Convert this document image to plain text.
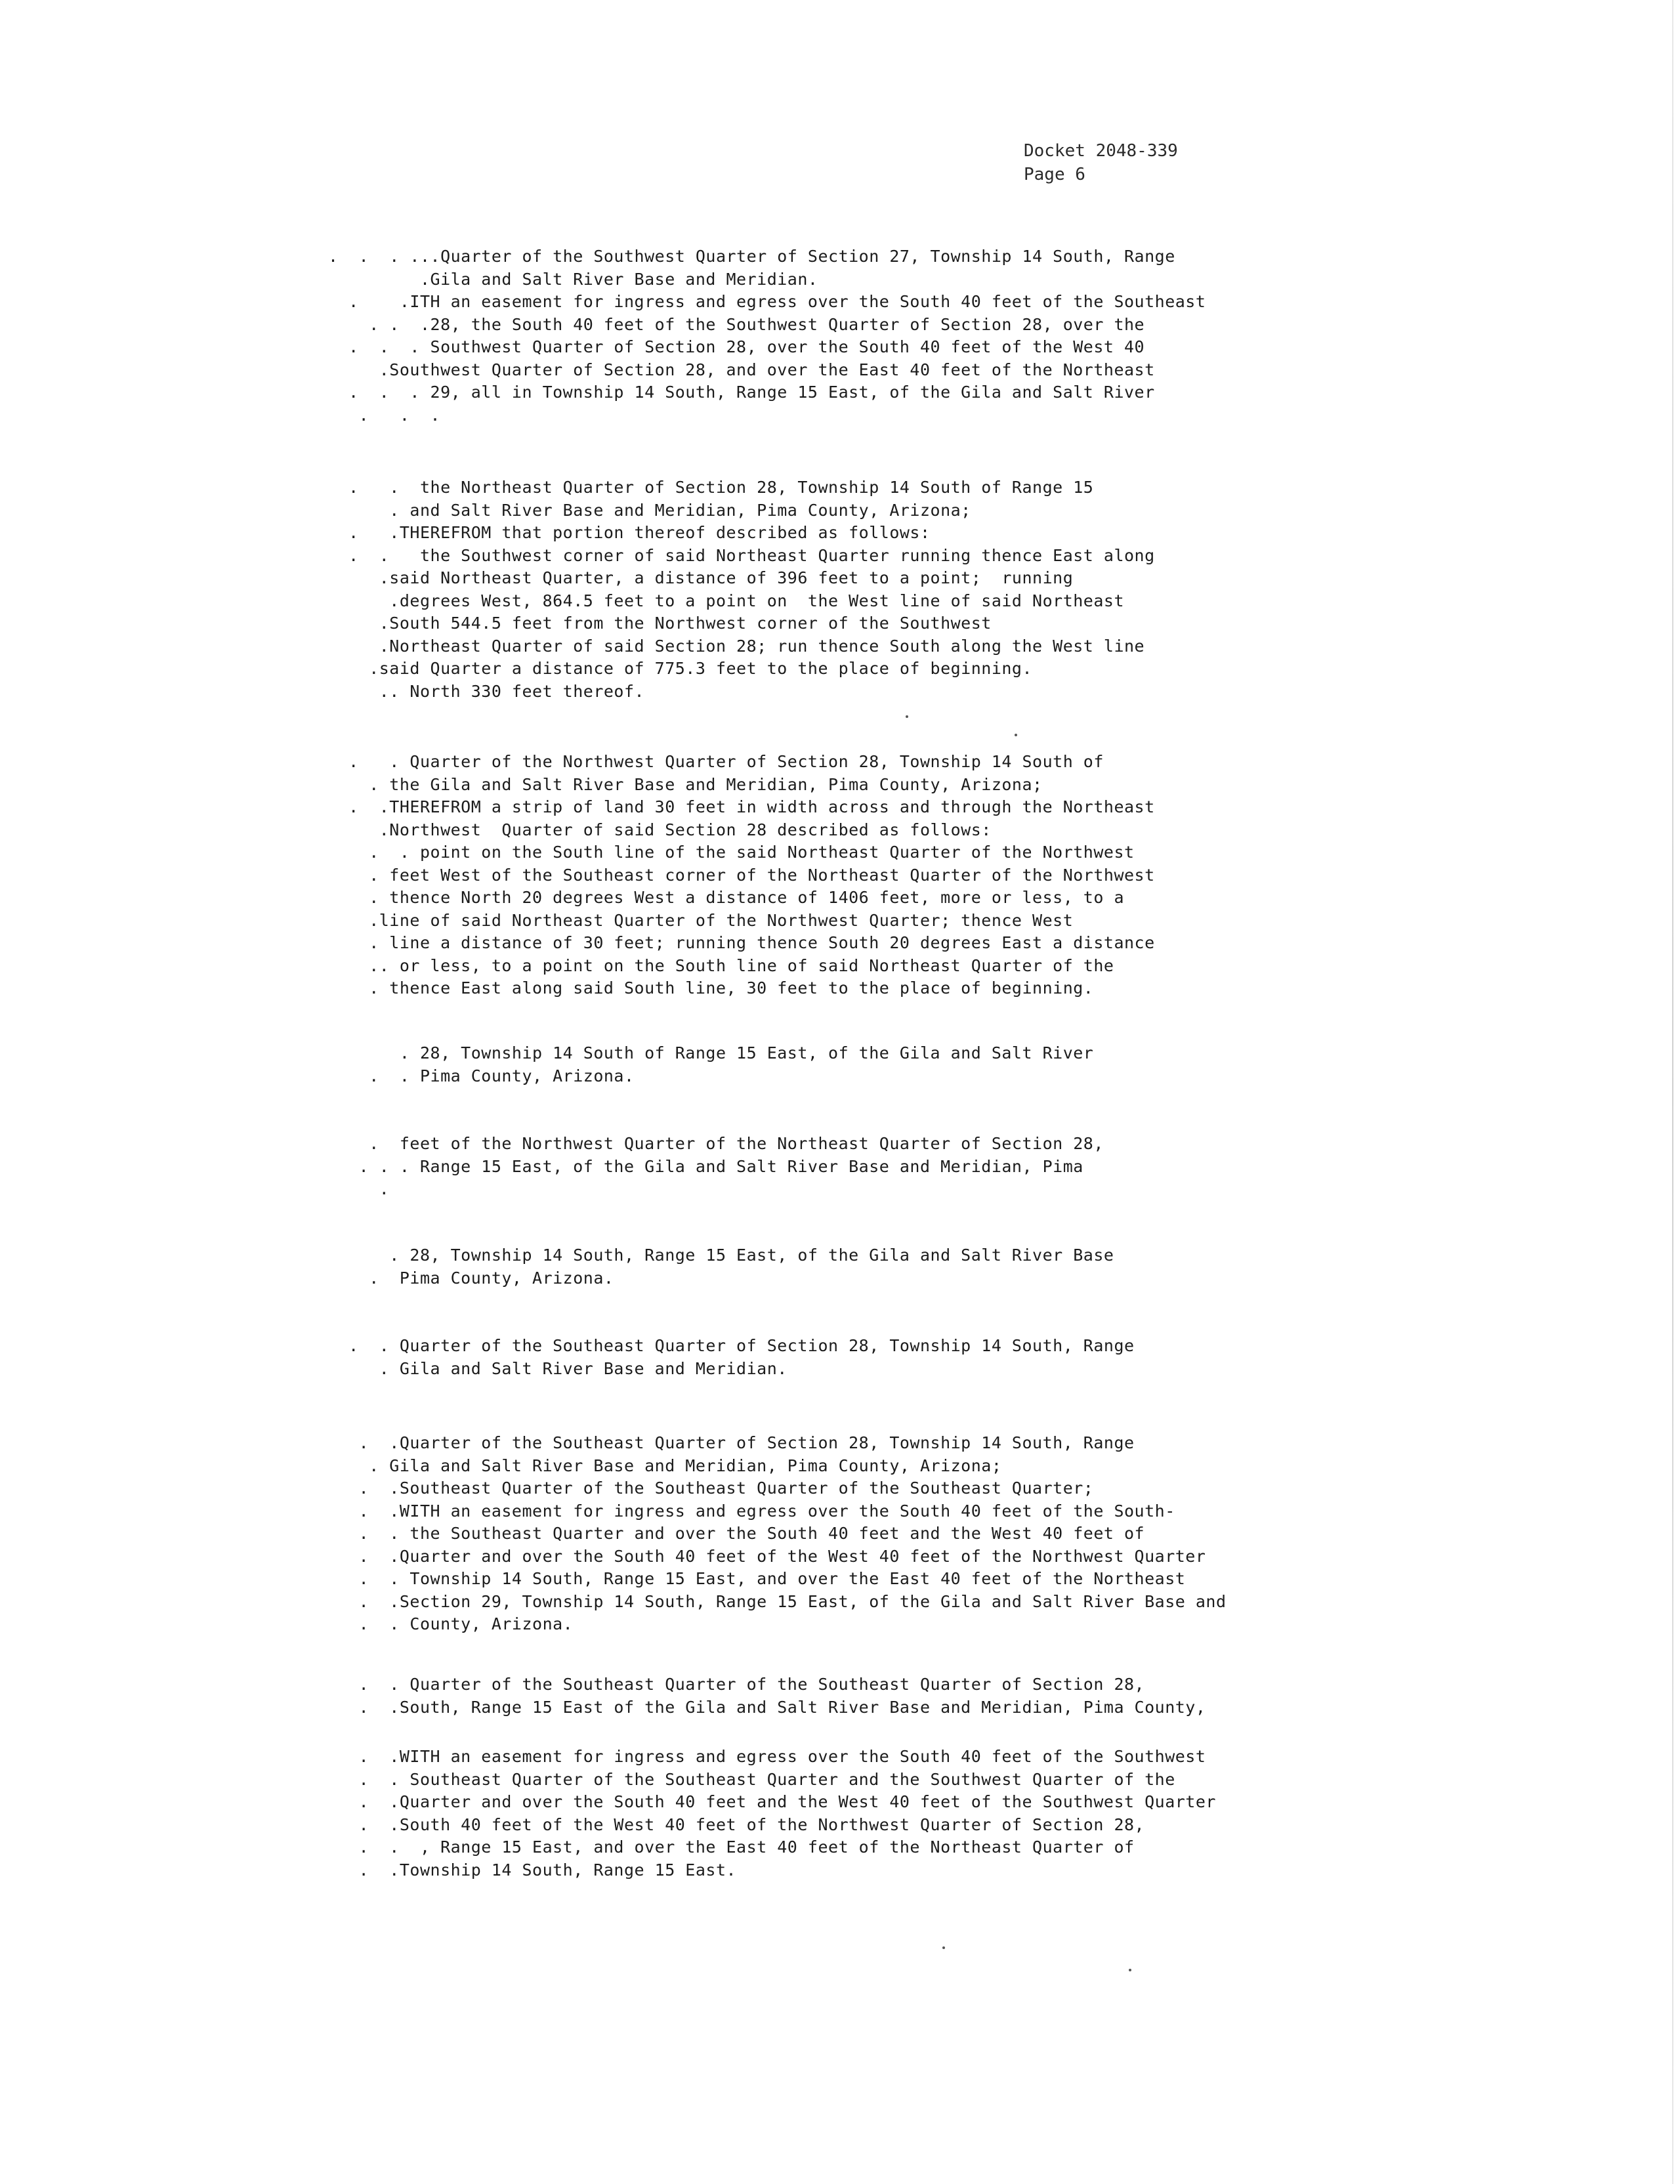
Docket 2048-339
Page 6
.  .  . ...Quarter of the Southwest Quarter of Section 27, Township 14 South, Range
.Gila and Salt River Base and Meridian.
.    .ITH an easement for ingress and egress over the South 40 feet of the Southeast
. .  .28, the South 40 feet of the Southwest Quarter of Section 28, over the
.  .  . Southwest Quarter of Section 28, over the South 40 feet of the West 40
.Southwest Quarter of Section 28, and over the East 40 feet of the Northeast
.  .  . 29, all in Township 14 South, Range 15 East, of the Gila and Salt River
.   .  .
.   .  the Northeast Quarter of Section 28, Township 14 South of Range 15
. and Salt River Base and Meridian, Pima County, Arizona;
.   .THEREFROM that portion thereof described as follows:
.  .   the Southwest corner of said Northeast Quarter running thence East along
.said Northeast Quarter, a distance of 396 feet to a point;  running
.degrees West, 864.5 feet to a point on  the West line of said Northeast
.South 544.5 feet from the Northwest corner of the Southwest
.Northeast Quarter of said Section 28; run thence South along the West line
.said Quarter a distance of 775.3 feet to the place of beginning.
.. North 330 feet thereof.
.   . Quarter of the Northwest Quarter of Section 28, Township 14 South of
. the Gila and Salt River Base and Meridian, Pima County, Arizona;
.  .THEREFROM a strip of land 30 feet in width across and through the Northeast
.Northwest  Quarter of said Section 28 described as follows:
.  . point on the South line of the said Northeast Quarter of the Northwest
. feet West of the Southeast corner of the Northeast Quarter of the Northwest
. thence North 20 degrees West a distance of 1406 feet, more or less, to a
.line of said Northeast Quarter of the Northwest Quarter; thence West
. line a distance of 30 feet; running thence South 20 degrees East a distance
.. or less, to a point on the South line of said Northeast Quarter of the
. thence East along said South line, 30 feet to the place of beginning.
. 28, Township 14 South of Range 15 East, of the Gila and Salt River
.  . Pima County, Arizona.
.  feet of the Northwest Quarter of the Northeast Quarter of Section 28,
. . . Range 15 East, of the Gila and Salt River Base and Meridian, Pima
.
. 28, Township 14 South, Range 15 East, of the Gila and Salt River Base
.  Pima County, Arizona.
.  . Quarter of the Southeast Quarter of Section 28, Township 14 South, Range
. Gila and Salt River Base and Meridian.
.  .Quarter of the Southeast Quarter of Section 28, Township 14 South, Range
. Gila and Salt River Base and Meridian, Pima County, Arizona;
.  .Southeast Quarter of the Southeast Quarter of the Southeast Quarter;
.  .WITH an easement for ingress and egress over the South 40 feet of the South-
.  . the Southeast Quarter and over the South 40 feet and the West 40 feet of
.  .Quarter and over the South 40 feet of the West 40 feet of the Northwest Quarter
.  . Township 14 South, Range 15 East, and over the East 40 feet of the Northeast
.  .Section 29, Township 14 South, Range 15 East, of the Gila and Salt River Base and
.  . County, Arizona.
.  . Quarter of the Southeast Quarter of the Southeast Quarter of Section 28,
.  .South, Range 15 East of the Gila and Salt River Base and Meridian, Pima County,
.  .WITH an easement for ingress and egress over the South 40 feet of the Southwest
.  . Southeast Quarter of the Southeast Quarter and the Southwest Quarter of the
.  .Quarter and over the South 40 feet and the West 40 feet of the Southwest Quarter
.  .South 40 feet of the West 40 feet of the Northwest Quarter of Section 28,
.  .  , Range 15 East, and over the East 40 feet of the Northeast Quarter of
.  .Township 14 South, Range 15 East.
